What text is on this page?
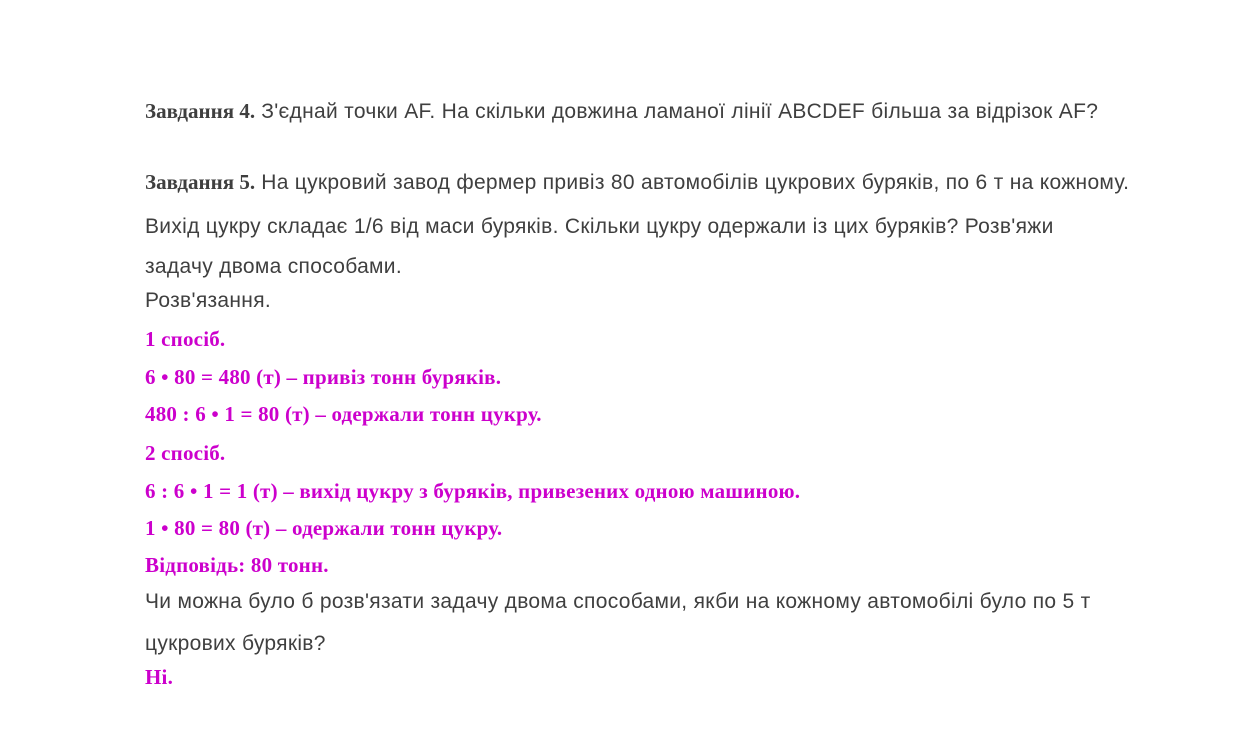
Завдання 4. З'єднай точки AF. На скільки довжина ламаної лінії ABCDEF більша за відрізок AF?
Завдання 5. На цукровий завод фермер привіз 80 автомобілів цукрових буряків, по 6 т на кожному.
Вихід цукру складає 1/6 від маси буряків. Скільки цукру одержали із цих буряків? Розв'яжи
задачу двома способами.
Розв'язання.
1 спосіб.
6 • 80 = 480 (т) – привіз тонн буряків.
480 : 6 • 1 = 80 (т) – одержали тонн цукру.
2 спосіб.
6 : 6 • 1 = 1 (т) – вихід цукру з буряків, привезених одною машиною.
1 • 80 = 80 (т) – одержали тонн цукру.
Відповідь: 80 тонн.
Чи можна було б розв'язати задачу двома способами, якби на кожному автомобілі було по 5 т
цукрових буряків?
Ні.
